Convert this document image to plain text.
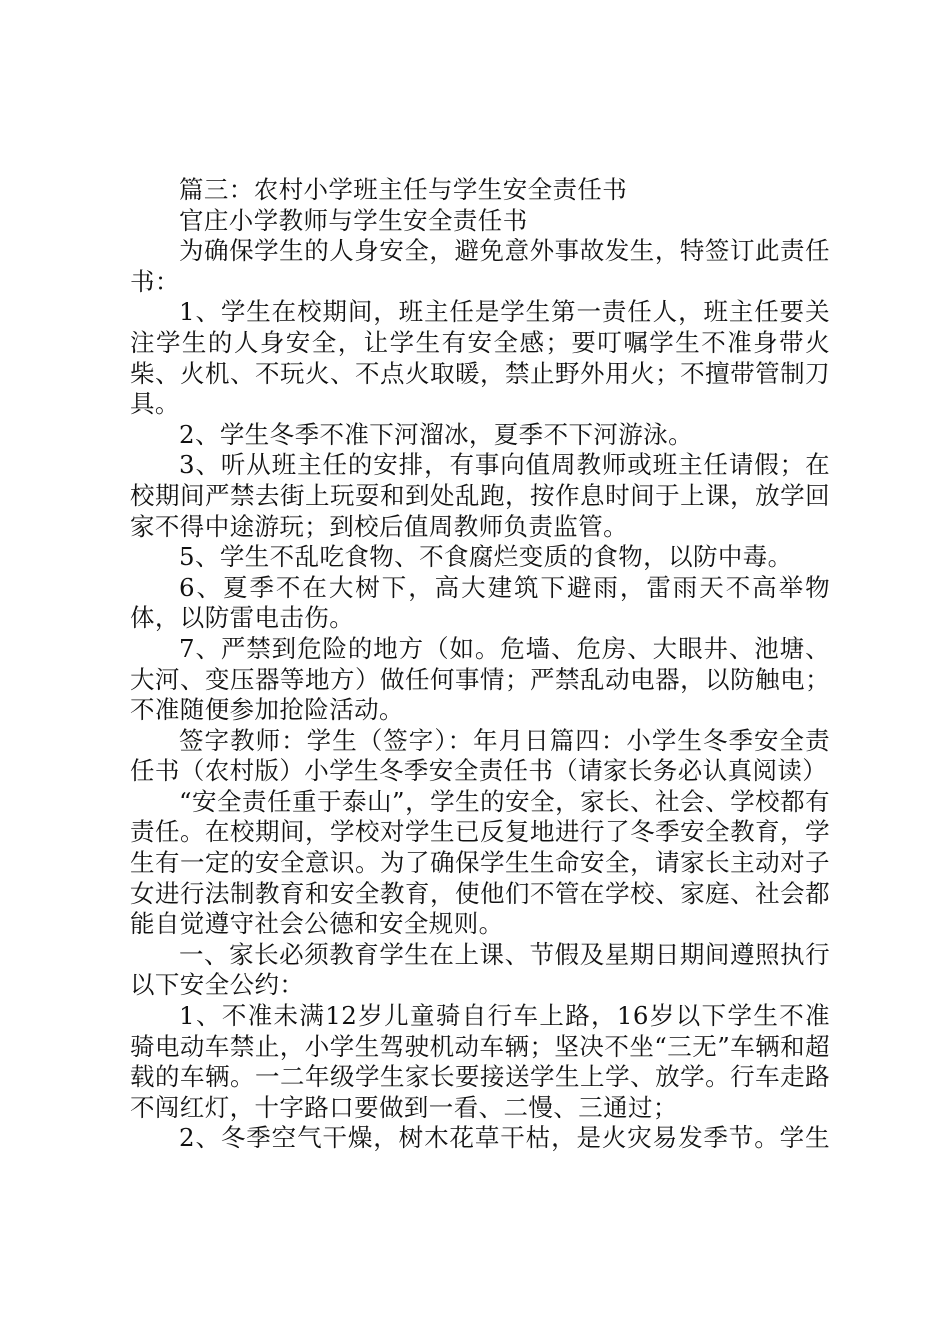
篇三：农村小学班主任与学生安全责任书

官庄小学教师与学生安全责任书

为确保学生的人身安全，避免意外事故发生，特签订此责任书：

1、学生在校期间，班主任是学生第一责任人，班主任要关注学生的人身安全，让学生有安全感；要叮嘱学生不准身带火柴、火机、不玩火、不点火取暖，禁止野外用火；不擅带管制刀具。

2、学生冬季不准下河溜冰，夏季不下河游泳。

3、听从班主任的安排，有事向值周教师或班主任请假；在校期间严禁去街上玩耍和到处乱跑，按作息时间于上课，放学回家不得中途游玩；到校后值周教师负责监管。

5、学生不乱吃食物、不食腐烂变质的食物，以防中毒。

6、夏季不在大树下，高大建筑下避雨，雷雨天不高举物体，以防雷电击伤。

7、严禁到危险的地方（如。危墙、危房、大眼井、池塘、大河、变压器等地方）做任何事情；严禁乱动电器，以防触电；不准随便参加抢险活动。

签字教师：学生（签字）：年月日篇四：小学生冬季安全责任书（农村版）小学生冬季安全责任书（请家长务必认真阅读）

“安全责任重于泰山”，学生的安全，家长、社会、学校都有责任。在校期间，学校对学生已反复地进行了冬季安全教育，学生有一定的安全意识。为了确保学生生命安全，请家长主动对子女进行法制教育和安全教育，使他们不管在学校、家庭、社会都能自觉遵守社会公德和安全规则。

一、家长必须教育学生在上课、节假及星期日期间遵照执行以下安全公约：

1、不准未满12岁儿童骑自行车上路，16岁以下学生不准骑电动车禁止，小学生驾驶机动车辆；坚决不坐“三无”车辆和超载的车辆。一二年级学生家长要接送学生上学、放学。行车走路不闯红灯，十字路口要做到一看、二慢、三通过；

2、冬季空气干燥，树木花草干枯，是火灾易发季节。学生
